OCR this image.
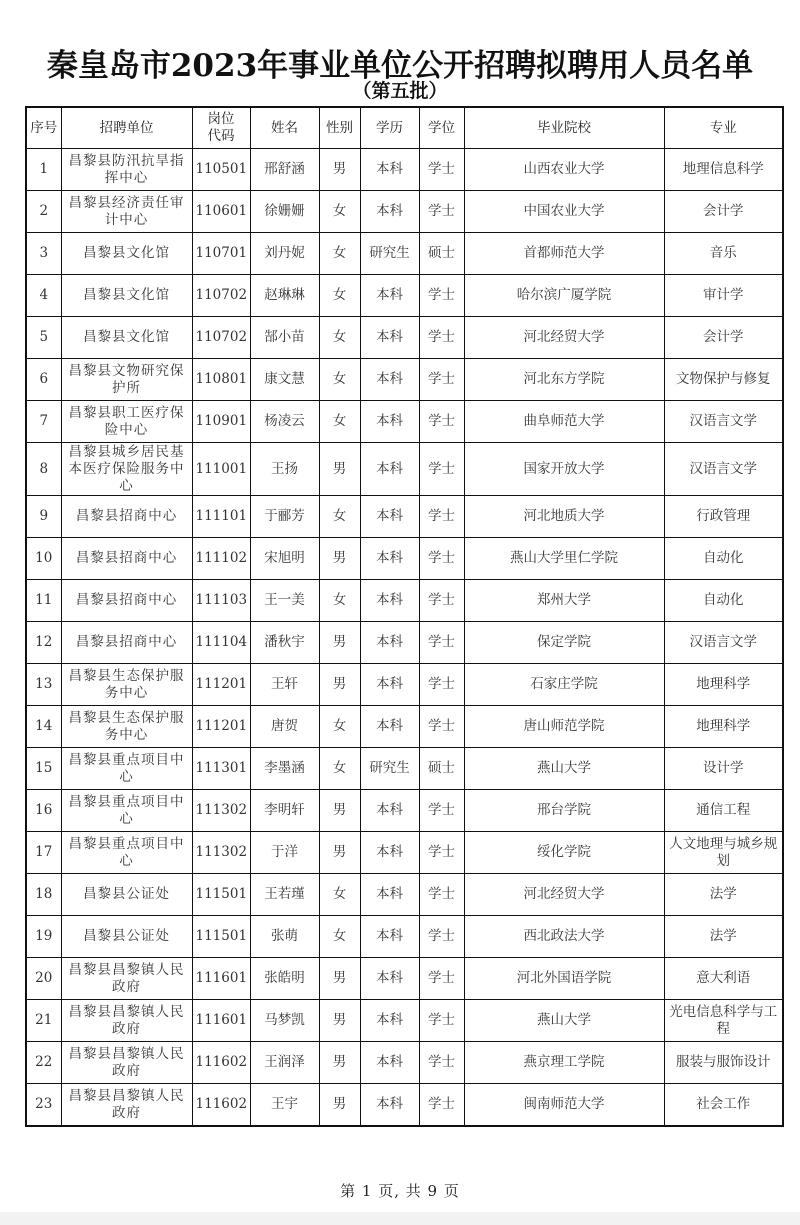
秦皇岛市2023年事业单位公开招聘拟聘用人员名单
（第五批）
序号	招聘单位	岗位代码	姓名	性别	学历	学位	毕业院校	专业
1	昌黎县防汛抗旱指挥中心	110501	邢舒涵	男	本科	学士	山西农业大学	地理信息科学
2	昌黎县经济责任审计中心	110601	徐姗姗	女	本科	学士	中国农业大学	会计学
3	昌黎县文化馆	110701	刘丹妮	女	研究生	硕士	首都师范大学	音乐
4	昌黎县文化馆	110702	赵琳琳	女	本科	学士	哈尔滨广厦学院	审计学
5	昌黎县文化馆	110702	郜小苗	女	本科	学士	河北经贸大学	会计学
6	昌黎县文物研究保护所	110801	康文慧	女	本科	学士	河北东方学院	文物保护与修复
7	昌黎县职工医疗保险中心	110901	杨凌云	女	本科	学士	曲阜师范大学	汉语言文学
8	昌黎县城乡居民基本医疗保险服务中心	111001	王扬	男	本科	学士	国家开放大学	汉语言文学
9	昌黎县招商中心	111101	于郦芳	女	本科	学士	河北地质大学	行政管理
10	昌黎县招商中心	111102	宋旭明	男	本科	学士	燕山大学里仁学院	自动化
11	昌黎县招商中心	111103	王一美	女	本科	学士	郑州大学	自动化
12	昌黎县招商中心	111104	潘秋宇	男	本科	学士	保定学院	汉语言文学
13	昌黎县生态保护服务中心	111201	王轩	男	本科	学士	石家庄学院	地理科学
14	昌黎县生态保护服务中心	111201	唐贺	女	本科	学士	唐山师范学院	地理科学
15	昌黎县重点项目中心	111301	李墨涵	女	研究生	硕士	燕山大学	设计学
16	昌黎县重点项目中心	111302	李明轩	男	本科	学士	邢台学院	通信工程
17	昌黎县重点项目中心	111302	于洋	男	本科	学士	绥化学院	人文地理与城乡规划
18	昌黎县公证处	111501	王若瑾	女	本科	学士	河北经贸大学	法学
19	昌黎县公证处	111501	张萌	女	本科	学士	西北政法大学	法学
20	昌黎县昌黎镇人民政府	111601	张皓明	男	本科	学士	河北外国语学院	意大利语
21	昌黎县昌黎镇人民政府	111601	马梦凯	男	本科	学士	燕山大学	光电信息科学与工程
22	昌黎县昌黎镇人民政府	111602	王润泽	男	本科	学士	燕京理工学院	服装与服饰设计
23	昌黎县昌黎镇人民政府	111602	王宇	男	本科	学士	闽南师范大学	社会工作
第 1 页, 共 9 页
